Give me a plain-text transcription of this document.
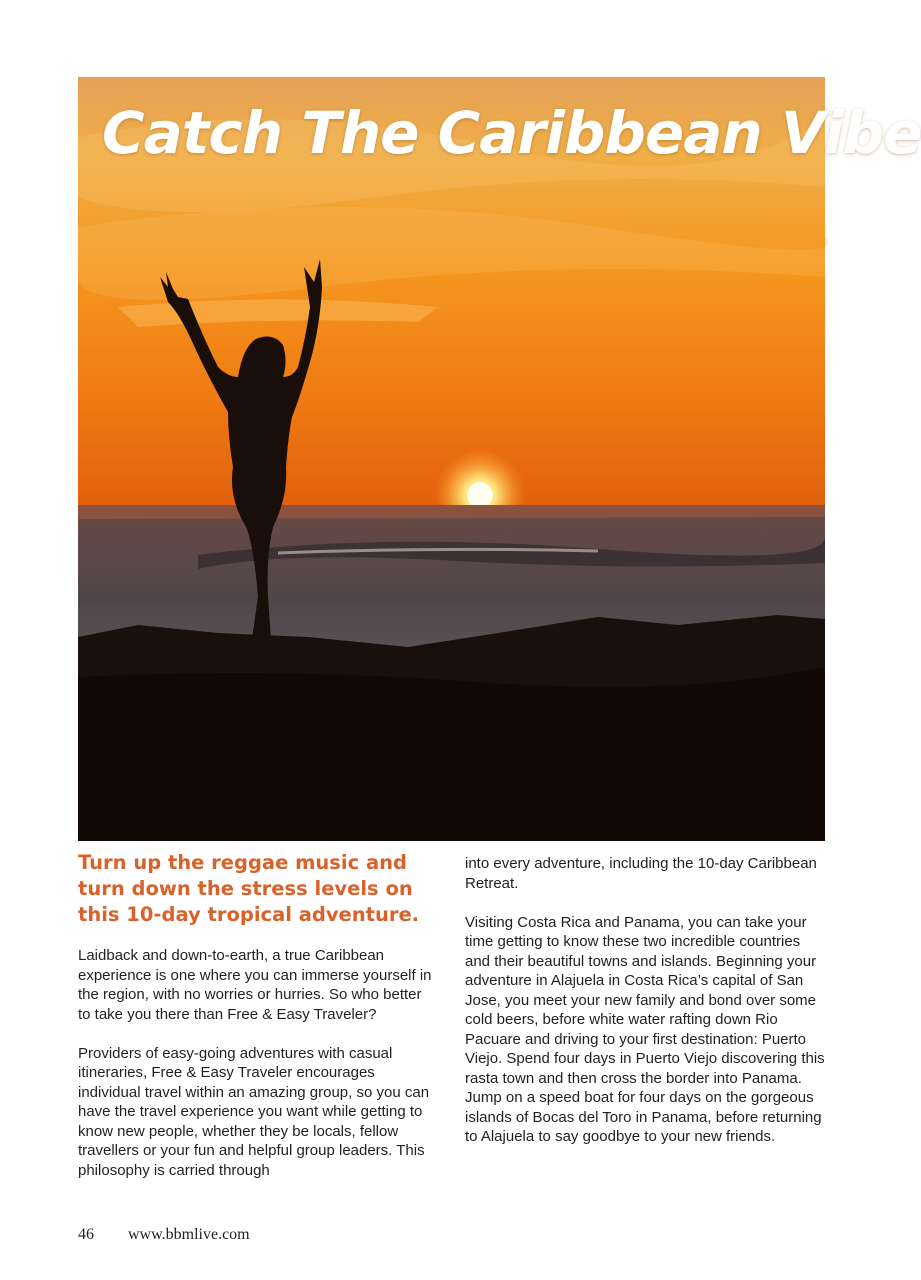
Catch The Caribbean Vibe

Turn up the reggae music and turn down the stress levels on this 10-day tropical adventure.

Laidback and down-to-earth, a true Caribbean experience is one where you can immerse yourself in the region, with no worries or hurries. So who better to take you there than Free & Easy Traveler?

Providers of easy-going adventures with casual itineraries, Free & Easy Traveler encourages individual travel within an amazing group, so you can have the travel experience you want while getting to know new people, whether they be locals, fellow travellers or your fun and helpful group leaders. This philosophy is carried through

into every adventure, including the 10-day Caribbean Retreat.

Visiting Costa Rica and Panama, you can take your time getting to know these two incredible countries and their beautiful towns and islands. Beginning your adventure in Alajuela in Costa Rica’s capital of San Jose, you meet your new family and bond over some cold beers, before white water rafting down Rio Pacuare and driving to your first destination: Puerto Viejo. Spend four days in Puerto Viejo discovering this rasta town and then cross the border into Panama. Jump on a speed boat for four days on the gorgeous islands of Bocas del Toro in Panama, before returning to Alajuela to say goodbye to your new friends.

46 www.bbmlive.com
